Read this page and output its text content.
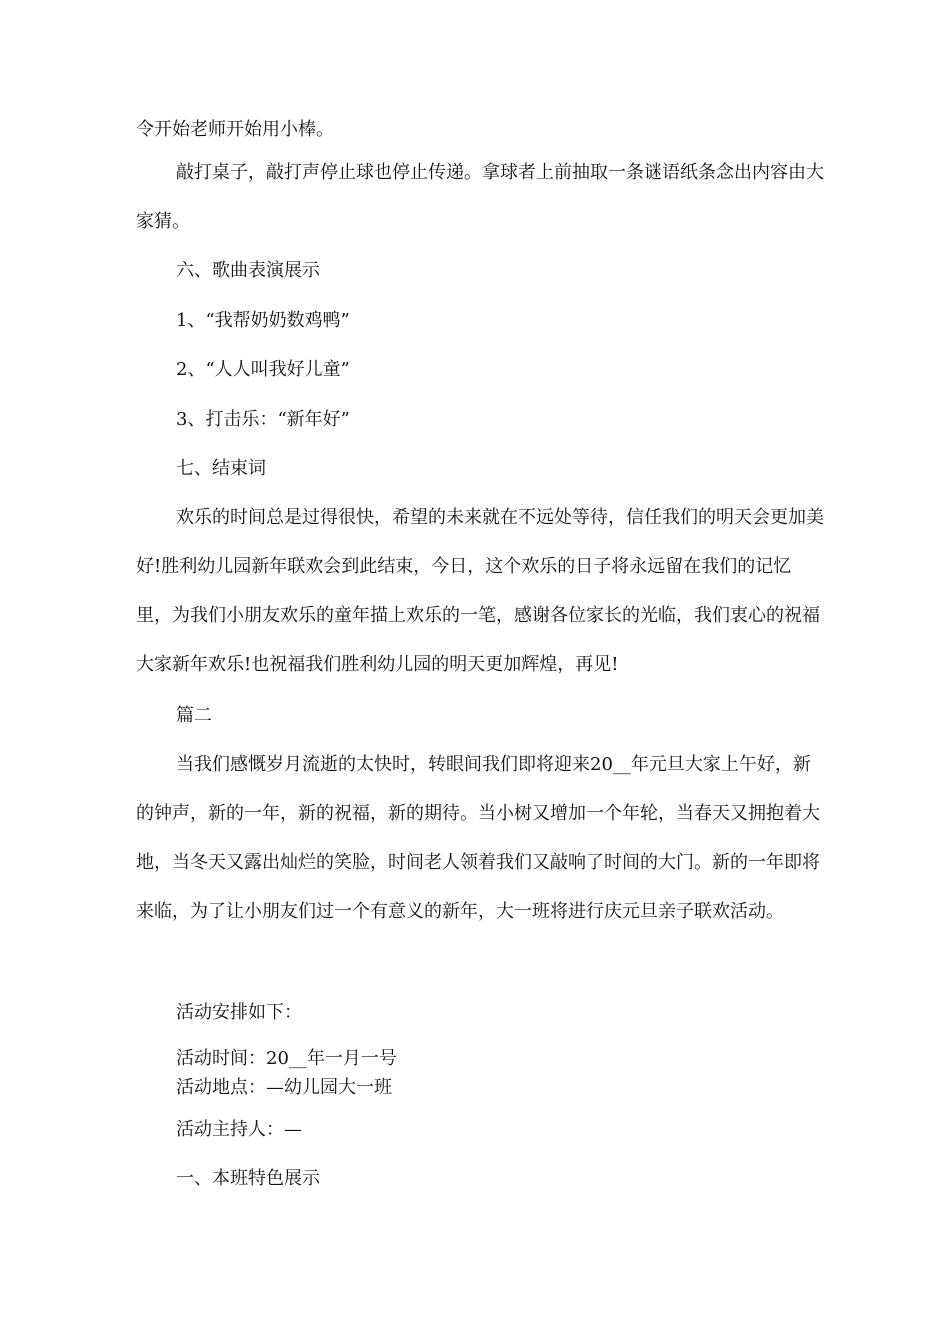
令开始老师开始用小棒。

敲打桌子，敲打声停止球也停止传递。拿球者上前抽取一条谜语纸条念出内容由大家猜。

六、歌曲表演展示

1、“我帮奶奶数鸡鸭”

2、“人人叫我好儿童”

3、打击乐：“新年好”

七、结束词

欢乐的时间总是过得很快，希望的未来就在不远处等待，信任我们的明天会更加美好!胜利幼儿园新年联欢会到此结束，今日，这个欢乐的日子将永远留在我们的记忆里，为我们小朋友欢乐的童年描上欢乐的一笔，感谢各位家长的光临，我们衷心的祝福大家新年欢乐!也祝福我们胜利幼儿园的明天更加辉煌，再见!

篇二

当我们感慨岁月流逝的太快时，转眼间我们即将迎来20__年元旦大家上午好，新的钟声，新的一年，新的祝福，新的期待。当小树又增加一个年轮，当春天又拥抱着大地，当冬天又露出灿烂的笑脸，时间老人领着我们又敲响了时间的大门。新的一年即将来临，为了让小朋友们过一个有意义的新年，大一班将进行庆元旦亲子联欢活动。

活动安排如下：

活动时间：20__年一月一号

活动地点：—幼儿园大一班

活动主持人：—

一、本班特色展示
